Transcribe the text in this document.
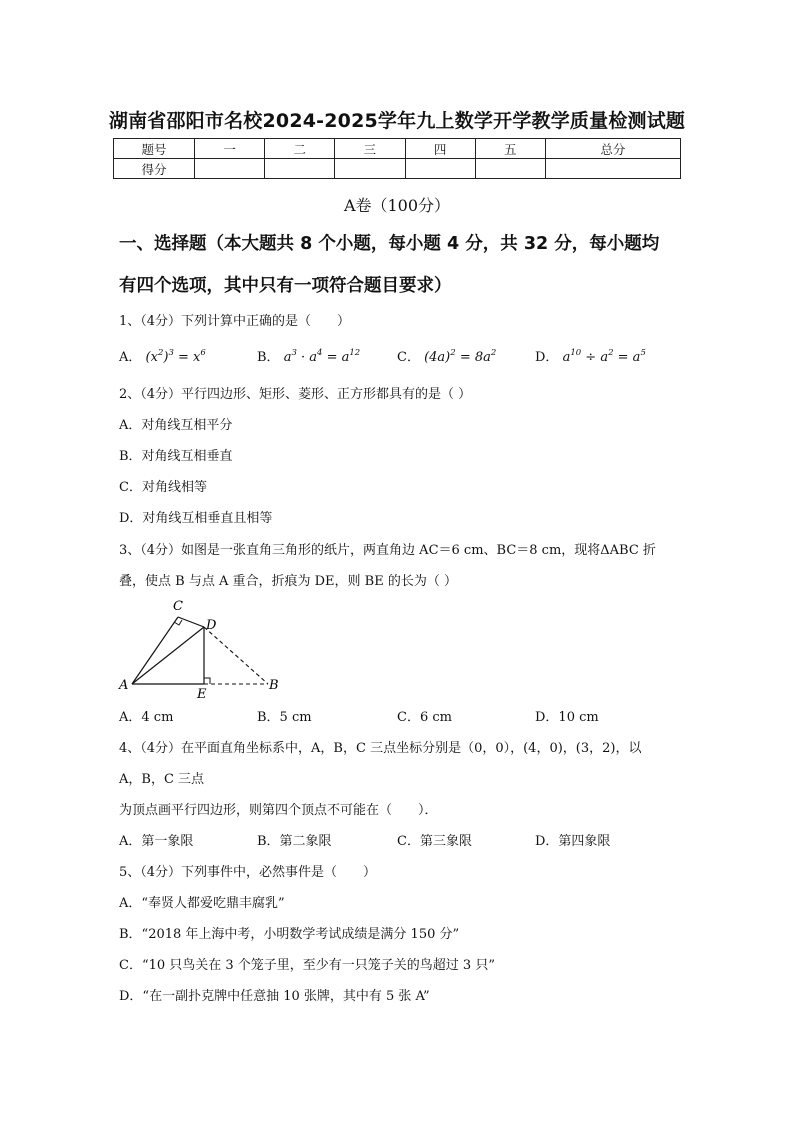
湖南省邵阳市名校2024-2025学年九上数学开学教学质量检测试题
题号	一	二	三	四	五	总分
得分						
A卷（100分）
一、选择题（本大题共 8 个小题，每小题 4 分，共 32 分，每小题均
有四个选项，其中只有一项符合题目要求）
1、（4分）下列计算中正确的是（　　）
A． $(x^2)^3 = x^6$	B． $a^3 \cdot a^4 = a^{12}$	C． $(4a)^2 = 8a^2$	D． $a^{10} \div a^2 = a^5$
2、（4分）平行四边形、矩形、菱形、正方形都具有的是（ ）
A．对角线互相平分
B．对角线互相垂直
C．对角线相等
D．对角线互相垂直且相等
3、（4分）如图是一张直角三角形的纸片，两直角边 AC＝6 cm、BC＝8 cm，现将ΔABC 折
叠，使点 B 与点 A 重合，折痕为 DE，则 BE 的长为（ ）
A
C
D
E
B
A．4 cm	B．5 cm	C．6 cm	D．10 cm
4、（4分）在平面直角坐标系中，A，B，C 三点坐标分别是（0，0），(4，0)，(3，2)，以
A，B，C 三点
为顶点画平行四边形，则第四个顶点不可能在（　　）．
A．第一象限	B．第二象限	C．第三象限	D．第四象限
5、（4分）下列事件中，必然事件是（　　）
A．“奉贤人都爱吃鼎丰腐乳”
B．“2018 年上海中考，小明数学考试成绩是满分 150 分”
C．“10 只鸟关在 3 个笼子里，至少有一只笼子关的鸟超过 3 只”
D．“在一副扑克牌中任意抽 10 张牌，其中有 5 张 A”
